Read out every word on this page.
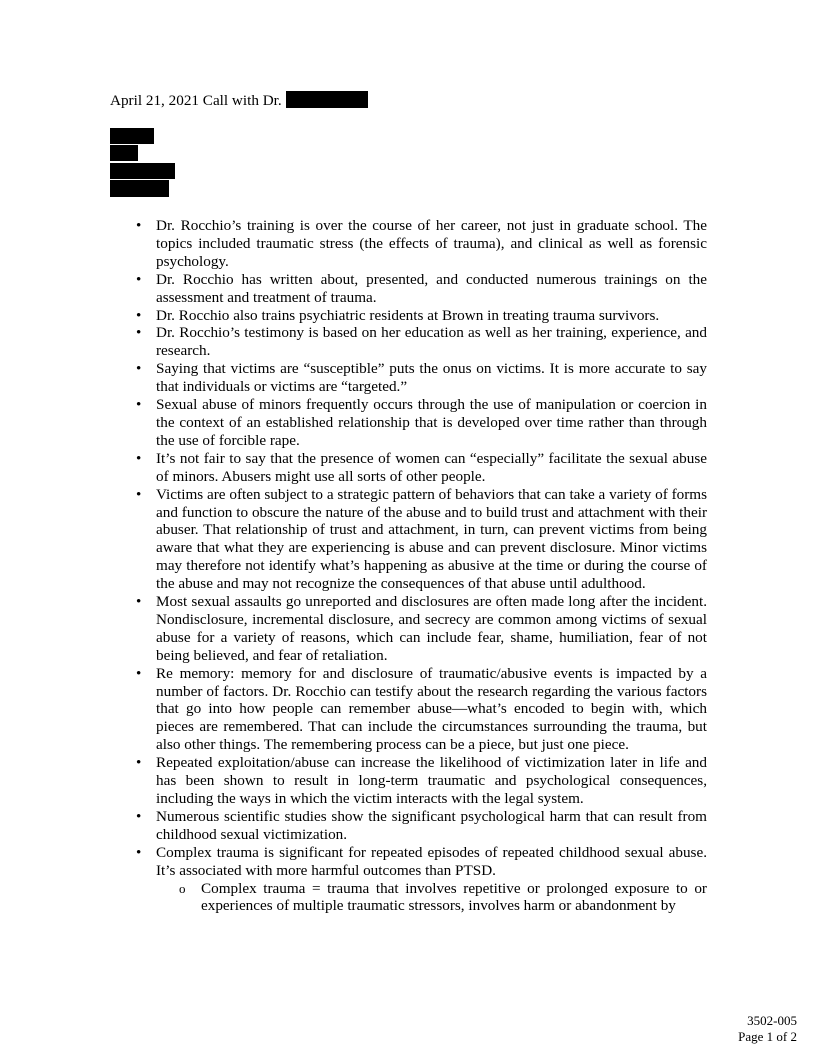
April 21, 2021 Call with Dr.
• Dr. Rocchio’s training is over the course of her career, not just in graduate school. The topics included traumatic stress (the effects of trauma), and clinical as well as forensic psychology.
• Dr. Rocchio has written about, presented, and conducted numerous trainings on the assessment and treatment of trauma.
• Dr. Rocchio also trains psychiatric residents at Brown in treating trauma survivors.
• Dr. Rocchio’s testimony is based on her education as well as her training, experience, and research.
• Saying that victims are “susceptible” puts the onus on victims. It is more accurate to say that individuals or victims are “targeted.”
• Sexual abuse of minors frequently occurs through the use of manipulation or coercion in the context of an established relationship that is developed over time rather than through the use of forcible rape.
• It’s not fair to say that the presence of women can “especially” facilitate the sexual abuse of minors. Abusers might use all sorts of other people.
• Victims are often subject to a strategic pattern of behaviors that can take a variety of forms and function to obscure the nature of the abuse and to build trust and attachment with their abuser. That relationship of trust and attachment, in turn, can prevent victims from being aware that what they are experiencing is abuse and can prevent disclosure. Minor victims may therefore not identify what’s happening as abusive at the time or during the course of the abuse and may not recognize the consequences of that abuse until adulthood.
• Most sexual assaults go unreported and disclosures are often made long after the incident. Nondisclosure, incremental disclosure, and secrecy are common among victims of sexual abuse for a variety of reasons, which can include fear, shame, humiliation, fear of not being believed, and fear of retaliation.
• Re memory: memory for and disclosure of traumatic/abusive events is impacted by a number of factors. Dr. Rocchio can testify about the research regarding the various factors that go into how people can remember abuse—what’s encoded to begin with, which pieces are remembered. That can include the circumstances surrounding the trauma, but also other things. The remembering process can be a piece, but just one piece.
• Repeated exploitation/abuse can increase the likelihood of victimization later in life and has been shown to result in long-term traumatic and psychological consequences, including the ways in which the victim interacts with the legal system.
• Numerous scientific studies show the significant psychological harm that can result from childhood sexual victimization.
• Complex trauma is significant for repeated episodes of repeated childhood sexual abuse. It’s associated with more harmful outcomes than PTSD.
o Complex trauma = trauma that involves repetitive or prolonged exposure to or experiences of multiple traumatic stressors, involves harm or abandonment by
3502-005
Page 1 of 2
